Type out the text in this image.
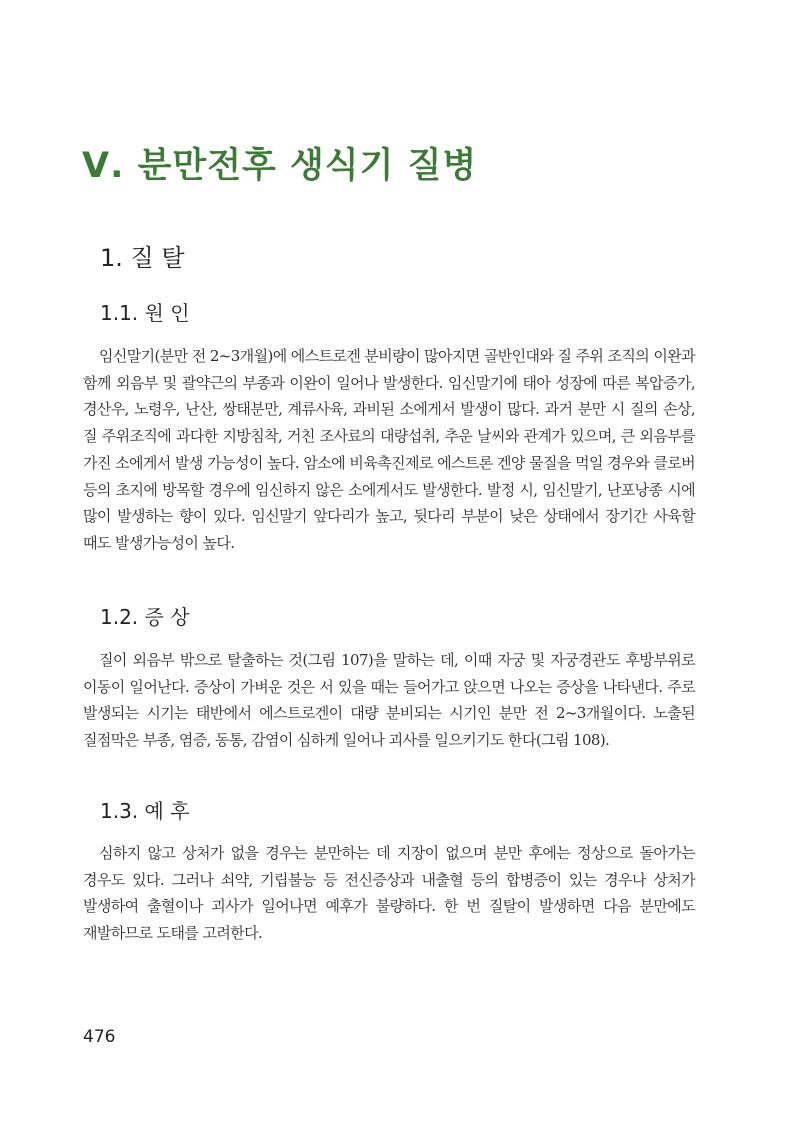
Ⅴ. 분만전후 생식기 질병
1. 질 탈
1.1. 원 인

임신말기(분만 전 2~3개월)에 에스트로겐 분비량이 많아지면 골반인대와 질 주위 조직의 이완과 함께 외음부 및 괄약근의 부종과 이완이 일어나 발생한다. 임신말기에 태아 성장에 따른 복압증가, 경산우, 노령우, 난산, 쌍태분만, 계류사육, 과비된 소에게서 발생이 많다. 과거 분만 시 질의 손상, 질 주위조직에 과다한 지방침착, 거친 조사료의 대량섭취, 추운 날씨와 관계가 있으며, 큰 외음부를 가진 소에게서 발생 가능성이 높다. 암소에 비육촉진제로 에스트론 겐양 물질을 먹일 경우와 클로버 등의 초지에 방목할 경우에 임신하지 않은 소에게서도 발생한다. 발정 시, 임신말기, 난포낭종 시에 많이 발생하는 향이 있다. 임신말기 앞다리가 높고, 뒷다리 부분이 낮은 상태에서 장기간 사육할 때도 발생가능성이 높다.

1.2. 증 상

질이 외음부 밖으로 탈출하는 것(그림 107)을 말하는 데, 이때 자궁 및 자궁경관도 후방부위로 이동이 일어난다. 증상이 가벼운 것은 서 있을 때는 들어가고 앉으면 나오는 증상을 나타낸다. 주로 발생되는 시기는 태반에서 에스트로겐이 대량 분비되는 시기인 분만 전 2~3개월이다. 노출된 질점막은 부종, 염증, 동통, 감염이 심하게 일어나 괴사를 일으키기도 한다(그림 108).

1.3. 예 후

심하지 않고 상처가 없을 경우는 분만하는 데 지장이 없으며 분만 후에는 정상으로 돌아가는 경우도 있다. 그러나 쇠약, 기립불능 등 전신증상과 내출혈 등의 합병증이 있는 경우나 상처가 발생하여 출혈이나 괴사가 일어나면 예후가 불량하다. 한 번 질탈이 발생하면 다음 분만에도 재발하므로 도태를 고려한다.

476
